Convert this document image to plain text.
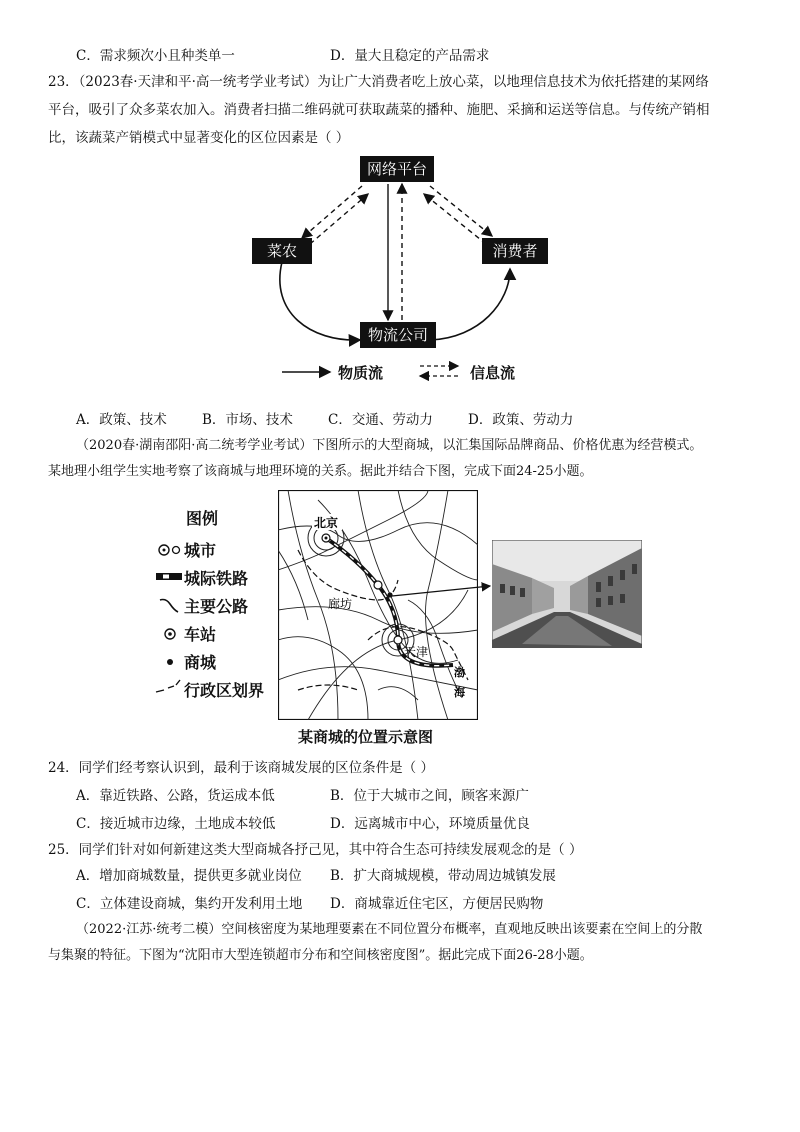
C．需求频次小且种类单一	D．量大且稳定的产品需求
23．（2023春·天津和平·高一统考学业考试）为让广大消费者吃上放心菜，以地理信息技术为依托搭建的某网络
平台，吸引了众多菜农加入。消费者扫描二维码就可获取蔬菜的播种、施肥、采摘和运送等信息。与传统产销相
比，该蔬菜产销模式中显著变化的区位因素是（ ）
网络平台
菜农	消费者
物流公司
物质流	信息流
A．政策、技术	B．市场、技术	C．交通、劳动力	D．政策、劳动力
（2020春·湖南邵阳·高二统考学业考试）下图所示的大型商城，以汇集国际品牌商品、价格优惠为经营模式。
某地理小组学生实地考察了该商城与地理环境的关系。据此并结合下图，完成下面24-25小题。
图例
城市
城际铁路
主要公路
车站
商城
行政区划界
北京
廊坊
天津
渤
海
某商城的位置示意图
24．同学们经考察认识到，最利于该商城发展的区位条件是（ ）
A．靠近铁路、公路，货运成本低	B．位于大城市之间，顾客来源广
C．接近城市边缘，土地成本较低	D．远离城市中心，环境质量优良
25．同学们针对如何新建这类大型商城各抒己见，其中符合生态可持续发展观念的是（ ）
A．增加商城数量，提供更多就业岗位 B．扩大商城规模，带动周边城镇发展
C．立体建设商城，集约开发利用土地 D．商城靠近住宅区，方便居民购物
（2022·江苏·统考二模）空间核密度为某地理要素在不同位置分布概率，直观地反映出该要素在空间上的分散
与集聚的特征。下图为“沈阳市大型连锁超市分布和空间核密度图”。据此完成下面26-28小题。
